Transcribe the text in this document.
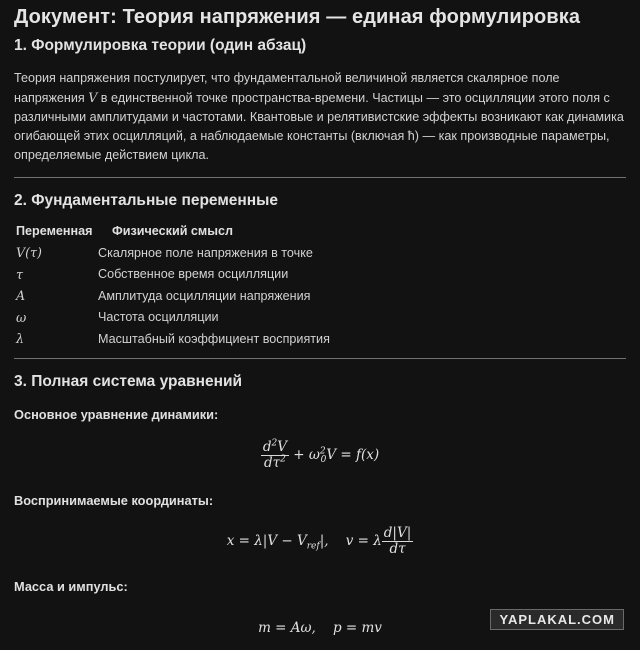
Документ: Теория напряжения — единая формулировка
1. Формулировка теории (один абзац)

Теория напряжения постулирует, что фундаментальной величиной является скалярное поле напряжения V в единственной точке пространства-времени. Частицы — это осцилляции этого поля с различными амплитудами и частотами. Квантовые и релятивистские эффекты возникают как динамика огибающей этих осцилляций, а наблюдаемые константы (включая ħ) — как производные параметры, определяемые действием цикла.

2. Фундаментальные переменные
Переменная	Физический смысл
V(τ)	Скалярное поле напряжения в точке
τ	Собственное время осцилляции
A	Амплитуда осцилляции напряжения
ω	Частота осцилляции
λ	Масштабный коэффициент восприятия
3. Полная система уравнений

Основное уравнение динамики:

$\frac{d^2V}{d\tau^2} + \omega^2_0V = f(x)$

Воспринимаемые координаты:

$x = \lambda|V - V_{ref}|$,    v = λ $\frac{d|V|}{d\tau}$

Масса и импульс:

m = Aω,    p = mv	YAPLAKAL.COM
